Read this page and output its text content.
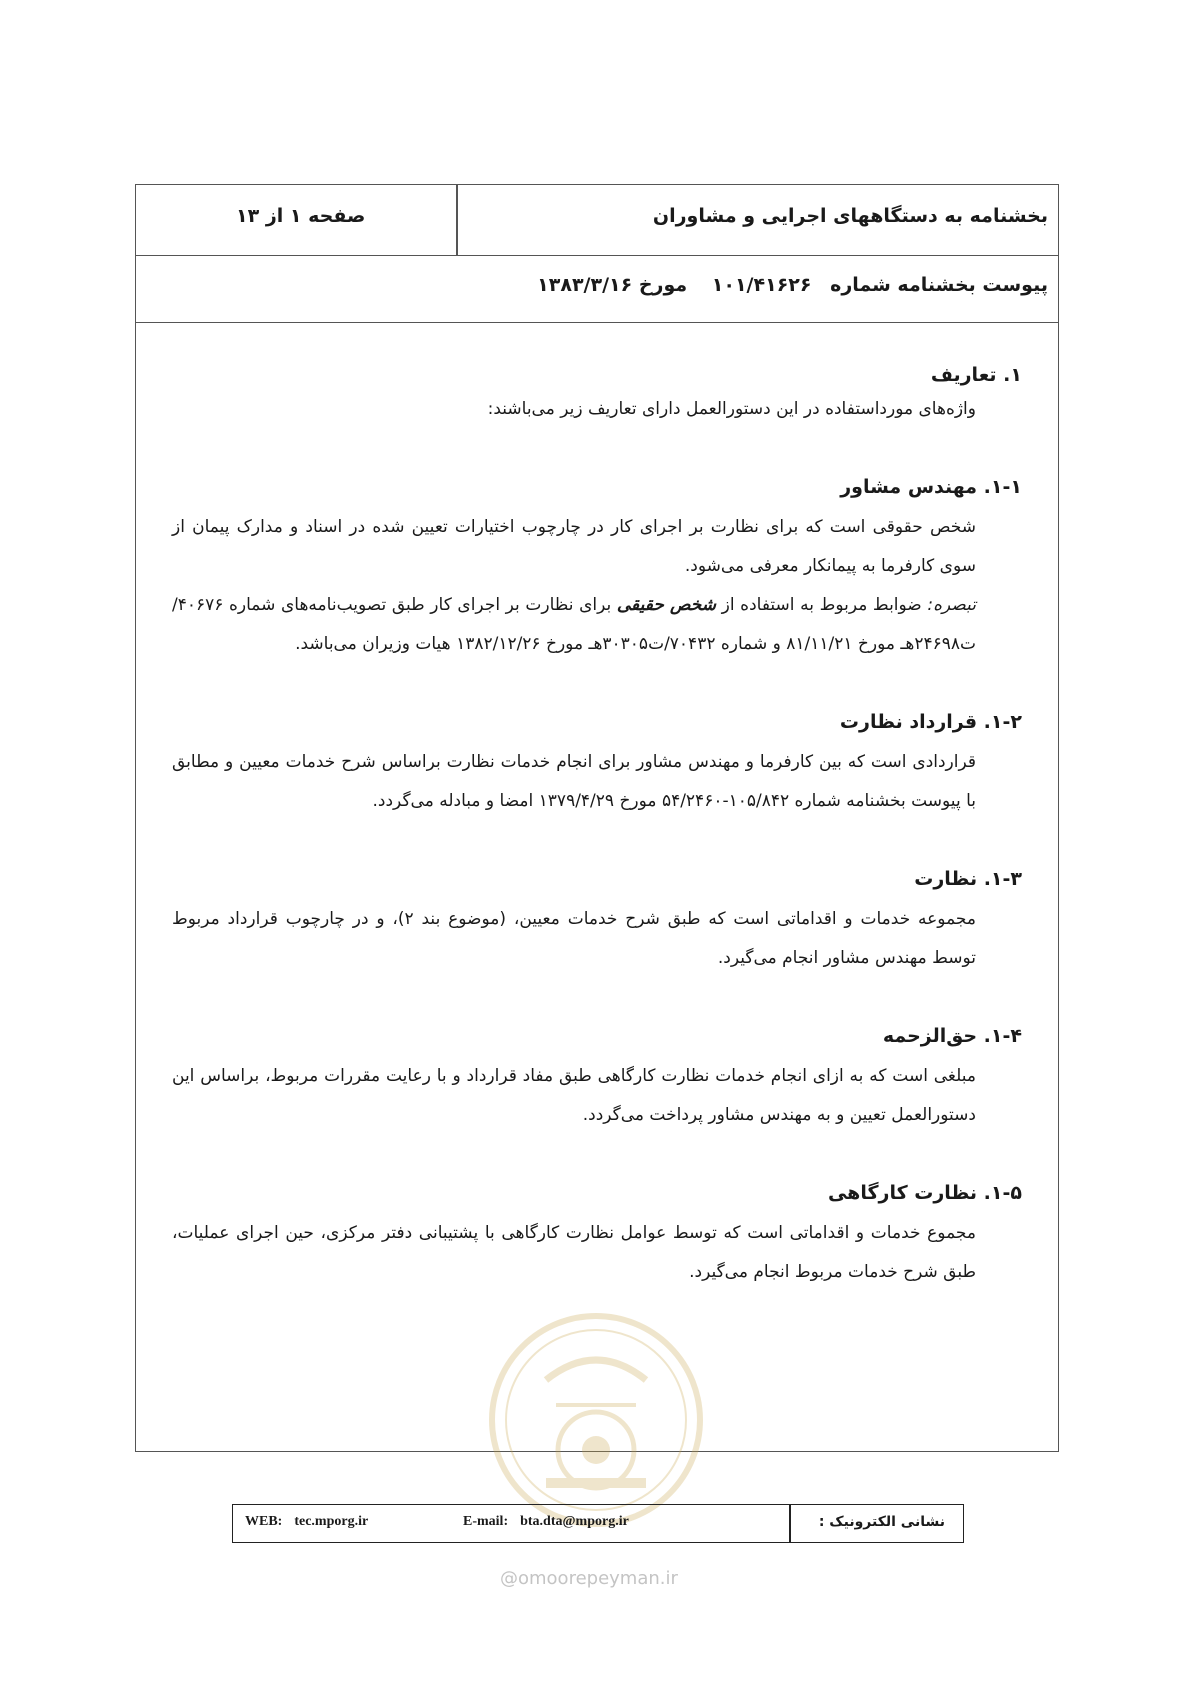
بخشنامه به دستگاههای اجرایی و مشاوران
صفحه ۱ از ۱۳
پیوست بخشنامه شماره ۱۰۱/۴۱۶۲۶ مورخ ۱۳۸۳/۳/۱۶

۱. تعاریف

واژه‌های مورداستفاده در این دستورالعمل دارای تعاریف زیر می‌باشند:

۱-۱. مهندس مشاور

شخص حقوقی است که برای نظارت بر اجرای کار در چارچوب اختیارات تعیین شده در اسناد و مدارک پیمان از سوی کارفرما به پیمانکار معرفی می‌شود.

تبصره: ضوابط مربوط به استفاده از شخص حقیقی برای نظارت بر اجرای کار طبق تصویب‌نامه‌های شماره ۴۰۶۷۶/ت۲۴۶۹۸هـ مورخ ۸۱/۱۱/۲۱ و شماره ۷۰۴۳۲/ت۳۰۳۰۵هـ مورخ ۱۳۸۲/۱۲/۲۶ هیات وزیران می‌باشد.

۱-۲. قرارداد نظارت

قراردادی است که بین کارفرما و مهندس مشاور برای انجام خدمات نظارت براساس شرح خدمات معیین و مطابق با پیوست بخشنامه شماره ۱۰۵/۸۴۲-۵۴/۲۴۶۰ مورخ ۱۳۷۹/۴/۲۹ امضا و مبادله می‌گردد.

۱-۳. نظارت

مجموعه خدمات و اقداماتی است که طبق شرح خدمات معیین، (موضوع بند ۲)، و در چارچوب قرارداد مربوط توسط مهندس مشاور انجام می‌گیرد.

۱-۴. حق‌الزحمه

مبلغی است که به ازای انجام خدمات نظارت کارگاهی طبق مفاد قرارداد و با رعایت مقررات مربوط، براساس این دستورالعمل تعیین و به مهندس مشاور پرداخت می‌گردد.

۱-۵. نظارت کارگاهی

مجموع خدمات و اقداماتی است که توسط عوامل نظارت کارگاهی با پشتیبانی دفتر مرکزی، حین اجرای عملیات، طبق شرح خدمات مربوط انجام می‌گیرد.

نشانی الکترونیک :
WEB: tec.mporg.ir	E-mail: bta.dta@mporg.ir
@omoorepeyman.ir
